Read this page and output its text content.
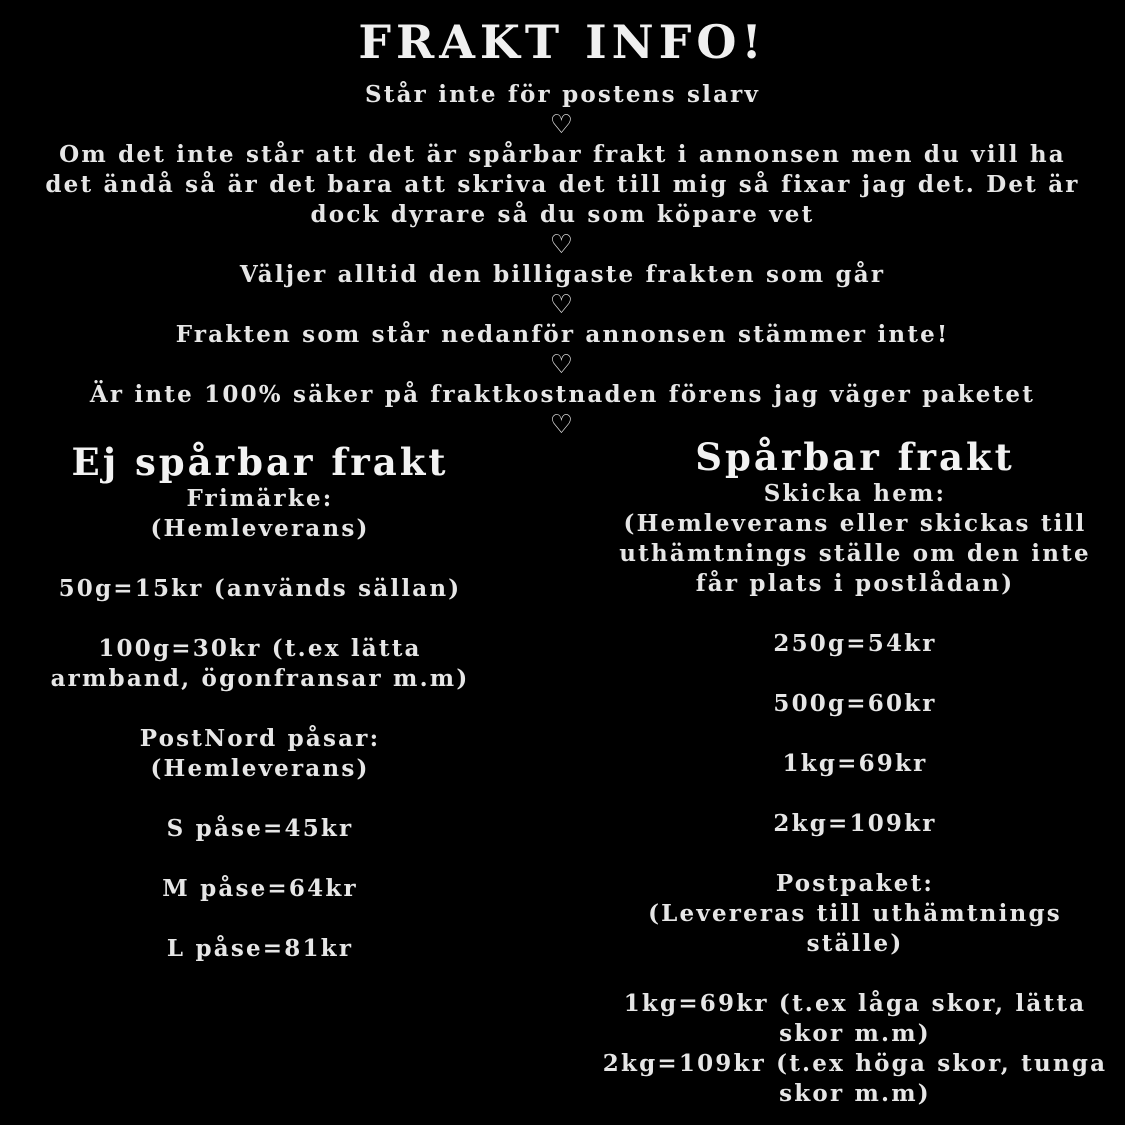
FRAKT INFO!

Står inte för postens slarv

♡

Om det inte står att det är spårbar frakt i annonsen men du vill ha det ändå så är det bara att skriva det till mig så fixar jag det. Det är dock dyrare så du som köpare vet

♡

Väljer alltid den billigaste frakten som går

♡

Frakten som står nedanför annonsen stämmer inte!

♡

Är inte 100% säker på fraktkostnaden förens jag väger paketet

♡
Ej spårbar frakt
Frimärke:
(Hemleverans)
50g=15kr (används sällan)
100g=30kr (t.ex lätta armband, ögonfransar m.m)
PostNord påsar:
(Hemleverans)
S påse=45kr
M påse=64kr
L påse=81kr
Spårbar frakt
Skicka hem:
(Hemleverans eller skickas till uthämtnings ställe om den inte får plats i postlådan)
250g=54kr
500g=60kr
1kg=69kr
2kg=109kr
Postpaket:
(Levereras till uthämtnings ställe)
1kg=69kr (t.ex låga skor, lätta skor m.m)
2kg=109kr (t.ex höga skor, tunga skor m.m)
